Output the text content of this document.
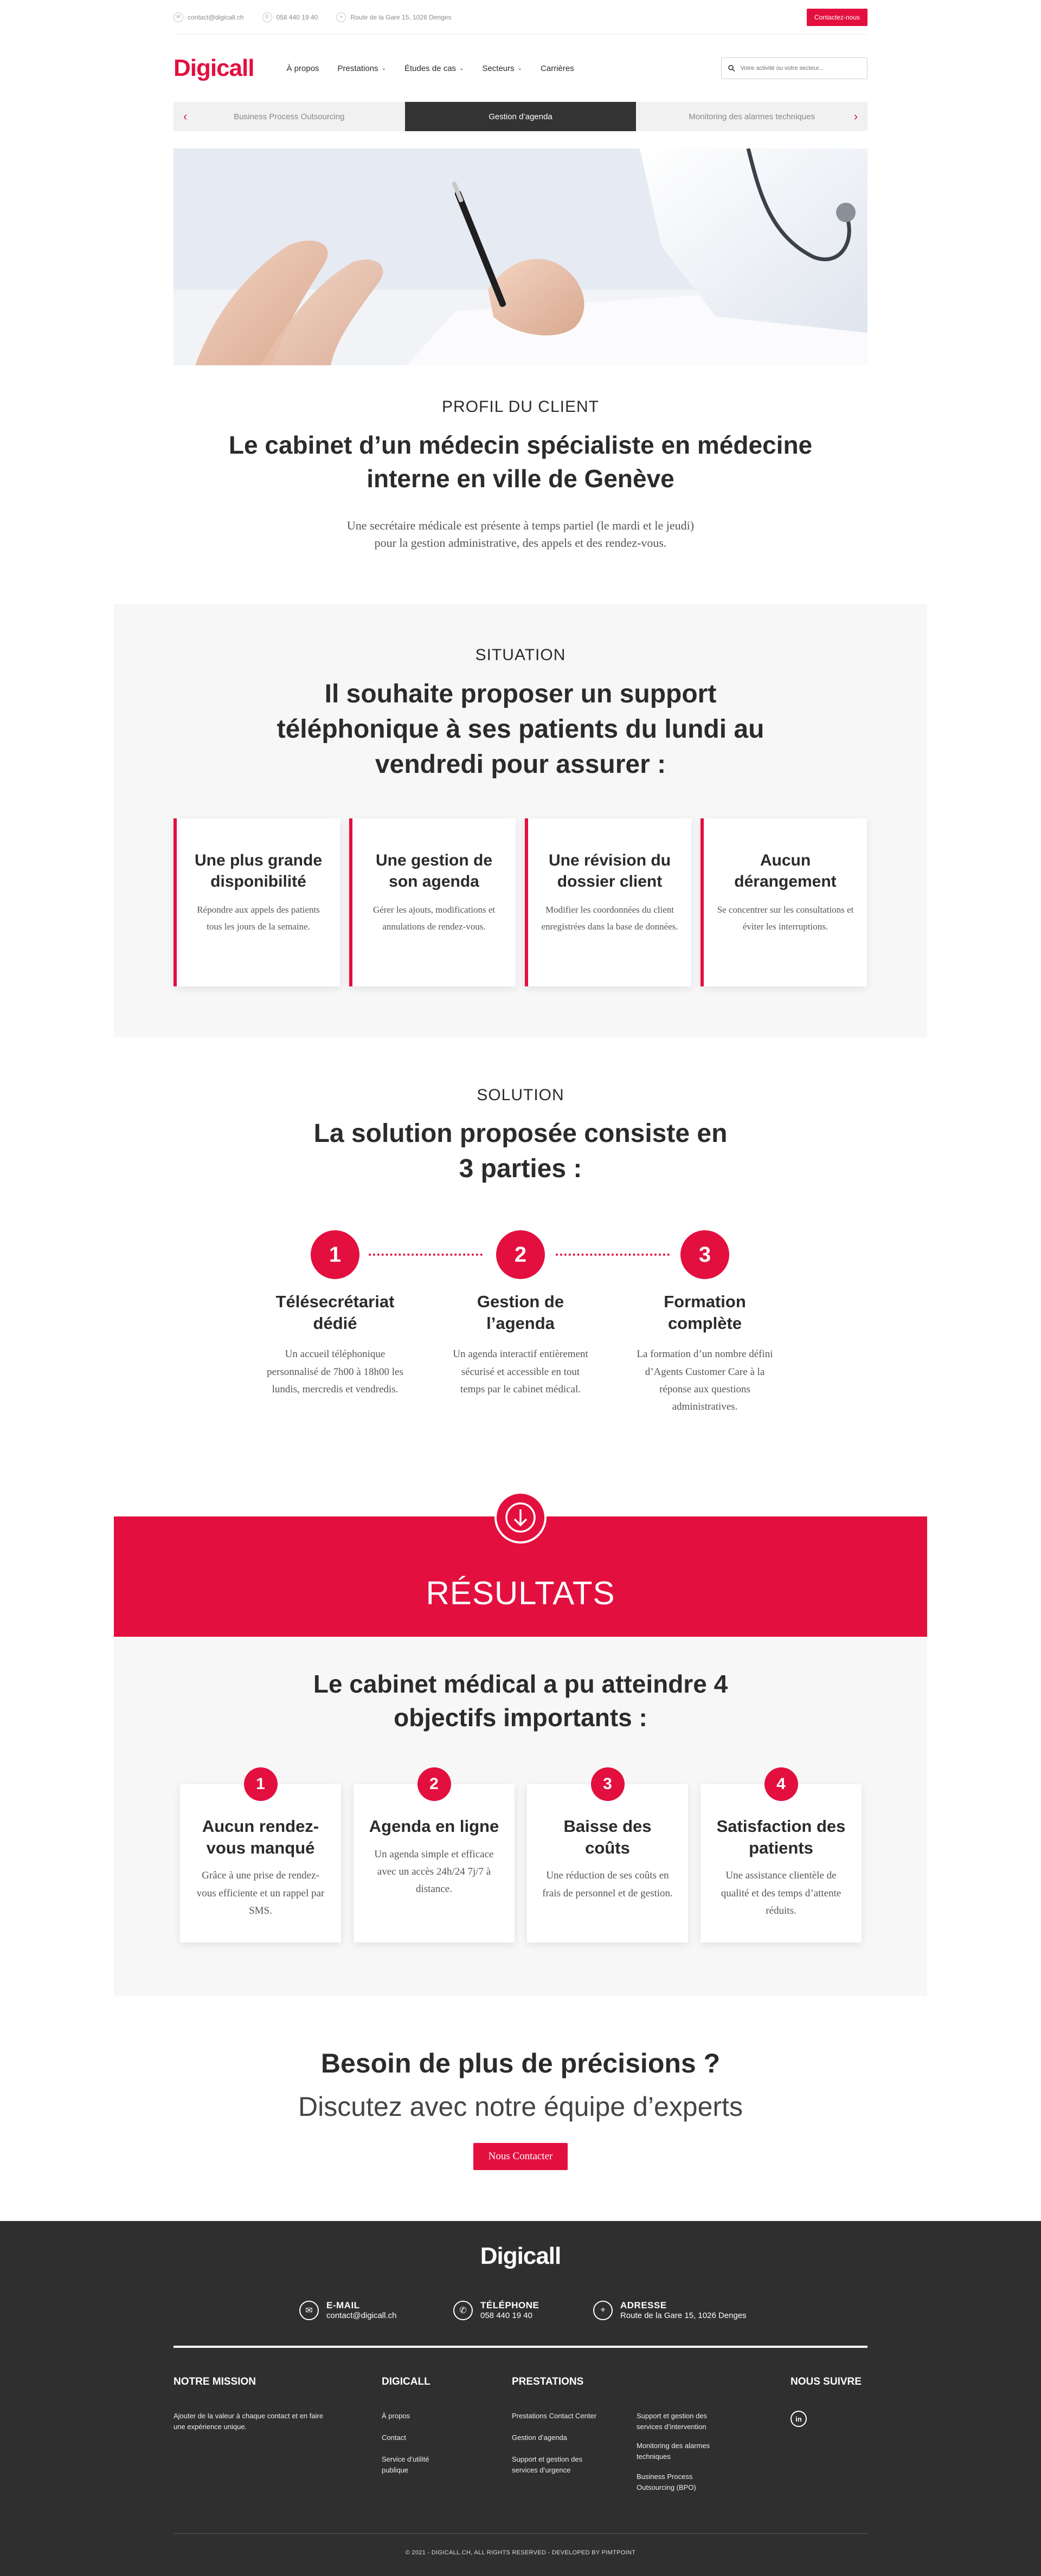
✉	contact@digicall.ch	✆	058 440 19 40	⌖	Route de la Gare 15, 1026 Denges	Contactez-nous
Digicall	À propos Prestations ⌄ Études de cas ⌄ Secteurs ⌄ Carrières
Votre activité ou votre secteur...
‹	Business Process Outsourcing	Gestion d’agenda	Monitoring des alarmes techniques	›
PROFIL DU CLIENT
Le cabinet d’un médecin spécialiste en médecine interne en ville de Genève
Une secrétaire médicale est présente à temps partiel (le mardi et le jeudi)
pour la gestion administrative, des appels et des rendez-vous.
SITUATION
Il souhaite proposer un support téléphonique à ses patients du lundi au vendredi pour assurer :
Une plus grande disponibilité

Répondre aux appels des patients tous les jours de la semaine.

Une gestion de son agenda

Gérer les ajouts, modifications et annulations de rendez-vous.

Une révision du dossier client

Modifier les coordonnées du client enregistrées dans la base de données.

Aucun dérangement

Se concentrer sur les consultations et éviter les interruptions.

SOLUTION
La solution proposée consiste en 3 parties :
1	2	3
Télésecrétariat dédié

Un accueil téléphonique personnalisé de 7h00 à 18h00 les lundis, mercredis et vendredis.

Gestion de l’agenda

Un agenda interactif entièrement sécurisé et accessible en tout temps par le cabinet médical.

Formation complète

La formation d’un nombre défini d’Agents Customer Care à la réponse aux questions administratives.

RÉSULTATS
Le cabinet médical a pu atteindre 4 objectifs importants :
1
Aucun rendez-vous manqué

Grâce à une prise de rendez-vous efficiente et un rappel par SMS.

2
Agenda en ligne

Un agenda simple et efficace avec un accès 24h/24 7j/7 à distance.

3
Baisse des coûts

Une réduction de ses coûts en frais de personnel et de gestion.

4
Satisfaction des patients

Une assistance clientèle de qualité et des temps d’attente réduits.

Besoin de plus de précisions ?
Discutez avec notre équipe d’experts
Nous Contacter
Digicall
✉
E-MAIL
contact@digicall.ch
✆
TÉLÉPHONE
058 440 19 40
⌖	ADRESSE
Route de la Gare 15, 1026 Denges
NOTRE MISSION
Ajouter de la valeur à chaque contact et en faire une expérience unique.
DIGICALL
À propos
Contact
Service d’utilité publique
PRESTATIONS
Prestations Contact Center
Gestion d’agenda
Support et gestion des services d’urgence
Support et gestion des services d’intervention
Monitoring des alarmes techniques
Business Process Outsourcing (BPO)
NOUS SUIVRE
in
© 2021 - DIGICALL.CH, ALL RIGHTS RESERVED - DEVELOPED BY PIMTPOINT
